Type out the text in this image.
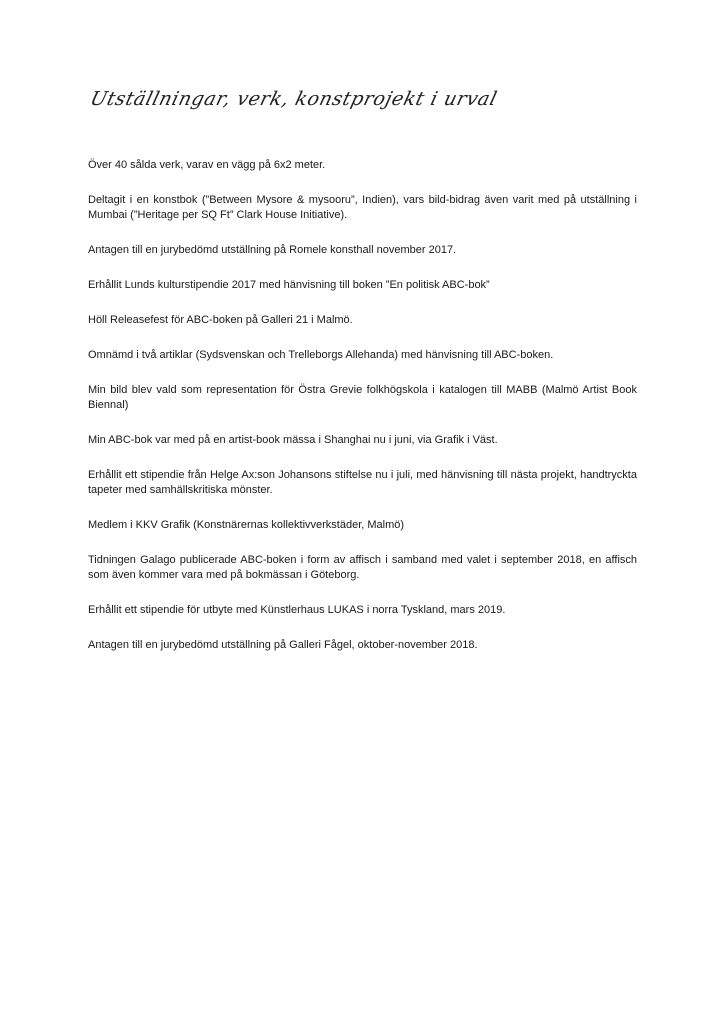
Utställningar, verk, konstprojekt i urval

Över 40 sålda verk, varav en vägg på 6x2 meter.

Deltagit i en konstbok (”Between Mysore & mysooru”, Indien), vars bild-bidrag även varit med på utställning i Mumbai (”Heritage per SQ Ft” Clark House Initiative).

Antagen till en jurybedömd utställning på Romele konsthall november 2017.

Erhållit Lunds kulturstipendie 2017 med hänvisning till boken ”En politisk ABC-bok”

Höll Releasefest för ABC-boken på Galleri 21 i Malmö.

Omnämd i två artiklar (Sydsvenskan och Trelleborgs Allehanda) med hänvisning till ABC-boken.

Min bild blev vald som representation för Östra Grevie folkhögskola i katalogen till MABB (Malmö Artist Book Biennal)

Min ABC-bok var med på en artist-book mässa i Shanghai nu i juni, via Grafik i Väst.

Erhållit ett stipendie från Helge Ax:son Johansons stiftelse nu i juli, med hänvisning till nästa projekt, handtryckta tapeter med samhällskritiska mönster.

Medlem i KKV Grafik (Konstnärernas kollektivverkstäder, Malmö)

Tidningen Galago publicerade ABC-boken i form av affisch i samband med valet i september 2018, en affisch som även kommer vara med på bokmässan i Göteborg.

Erhållit ett stipendie för utbyte med Künstlerhaus LUKAS i norra Tyskland, mars 2019.

Antagen till en jurybedömd utställning på Galleri Fågel, oktober-november 2018.
